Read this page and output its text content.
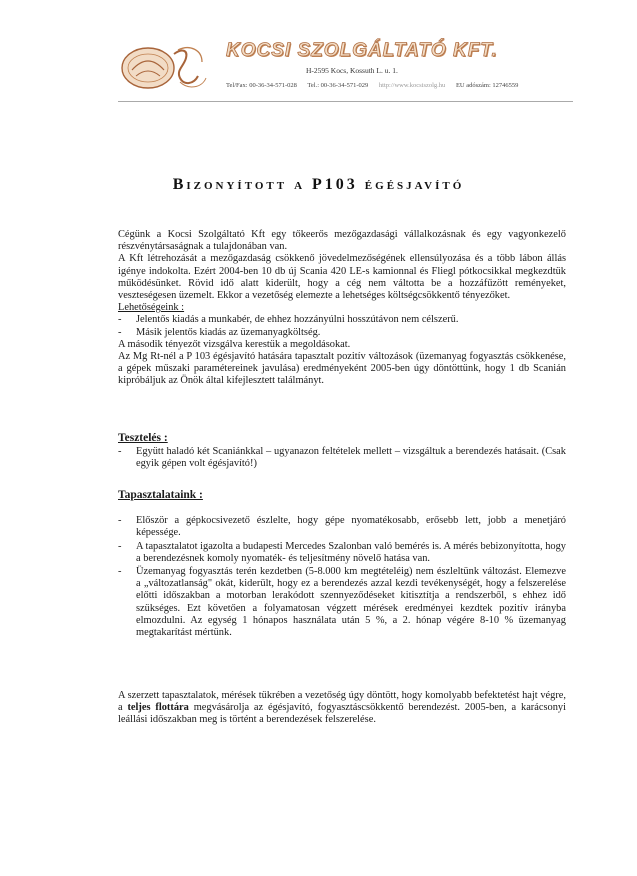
KOCSI SZOLGÁLTATÓ KFT.
H-2595 Kocs, Kossuth L. u. 1.
Tel/Fax: 00-36-34-571-028 Tel.: 00-36-34-571-029 http://www.kocsiszolg.hu EU adószám: 12746559
Bizonyított a P103 égésjavító

Cégünk a Kocsi Szolgáltató Kft egy tőkeerős mezőgazdasági vállalkozásnak és egy vagyonkezelő részvénytársaságnak a tulajdonában van.

A Kft létrehozását a mezőgazdaság csökkenő jövedelmezőségének ellensúlyozása és a több lábon állás igénye indokolta. Ezért 2004-ben 10 db új Scania 420 LE-s kamionnal és Fliegl pótkocsikkal megkezdtük működésünket. Rövid idő alatt kiderült, hogy a cég nem váltotta be a hozzáfűzött reményeket, veszteségesen üzemelt. Ekkor a vezetőség elemezte a lehetséges költségcsökkentő tényezőket.

Lehetőségeink :

- Jelentős kiadás a munkabér, de ehhez hozzányúlni hosszútávon nem célszerű.
- Másik jelentős kiadás az üzemanyagköltség.

A második tényezőt vizsgálva kerestük a megoldásokat.

Az Mg Rt-nél a P 103 égésjavító hatására tapasztalt pozitív változások (üzemanyag fogyasztás csökkenése, a gépek műszaki paramétereinek javulása) eredményeként 2005-ben úgy döntöttünk, hogy 1 db Scanián kipróbáljuk az Önök által kifejlesztett találmányt.

Tesztelés :

- Együtt haladó két Scaniánkkal – ugyanazon feltételek mellett – vizsgáltuk a berendezés hatásait. (Csak egyik gépen volt égésjavító!)

Tapasztalataink :

- Először a gépkocsivezető észlelte, hogy gépe nyomatékosabb, erősebb lett, jobb a menetjáró képessége.
- A tapasztalatot igazolta a budapesti Mercedes Szalonban való bemérés is. A mérés bebizonyította, hogy a berendezésnek komoly nyomaték- és teljesítmény növelő hatása van.
- Üzemanyag fogyasztás terén kezdetben (5-8.000 km megtételéig) nem észleltünk változást. Elemezve a „változatlanság" okát, kiderült, hogy ez a berendezés azzal kezdi tevékenységét, hogy a felszerelése előtti időszakban a motorban lerakódott szennyeződéseket kitisztítja a rendszerből, s ehhez idő szükséges. Ezt követően a folyamatosan végzett mérések eredményei kezdtek pozitív irányba elmozdulni. Az egység 1 hónapos használata után 5 %, a 2. hónap végére 8-10 % üzemanyag megtakarítást mértünk.

A szerzett tapasztalatok, mérések tükrében a vezetőség úgy döntött, hogy komolyabb befektetést hajt végre, a teljes flottára megvásárolja az égésjavító, fogyasztáscsökkentő berendezést. 2005-ben, a karácsonyi leállási időszakban meg is történt a berendezések felszerelése.
